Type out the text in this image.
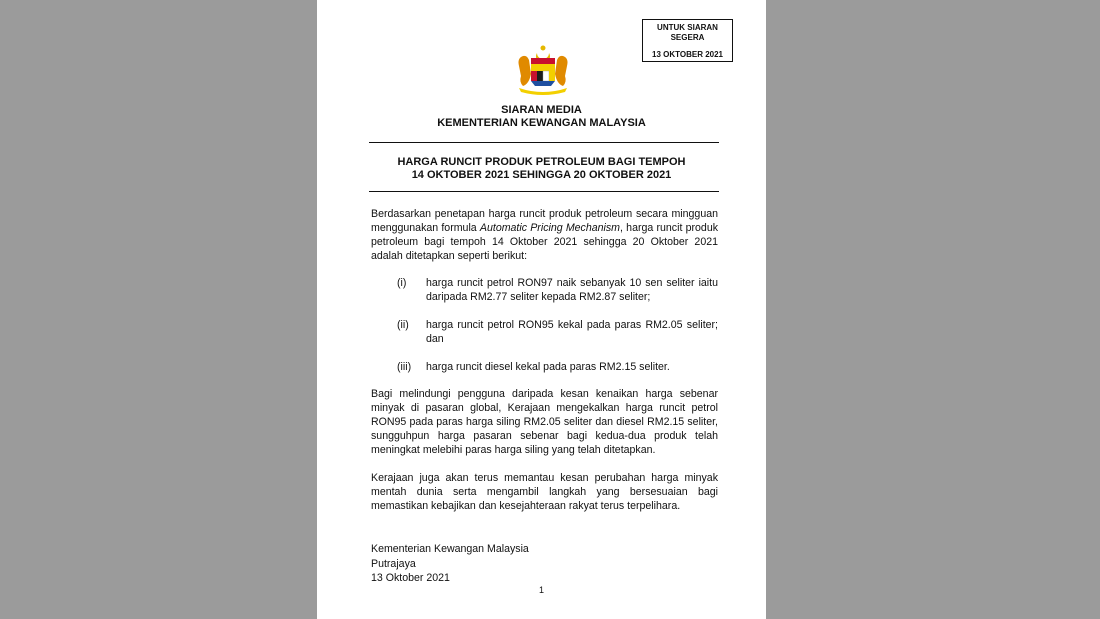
UNTUK SIARAN
SEGERA
13 OKTOBER 2021
SIARAN MEDIA
KEMENTERIAN KEWANGAN MALAYSIA
HARGA RUNCIT PRODUK PETROLEUM BAGI TEMPOH
14 OKTOBER 2021 SEHINGGA 20 OKTOBER 2021
Berdasarkan penetapan harga runcit produk petroleum secara mingguan menggunakan formula Automatic Pricing Mechanism, harga runcit produk petroleum bagi tempoh 14 Oktober 2021 sehingga 20 Oktober 2021 adalah ditetapkan seperti berikut:
(i) harga runcit petrol RON97 naik sebanyak 10 sen seliter iaitu daripada RM2.77 seliter kepada RM2.87 seliter;
(ii) harga runcit petrol RON95 kekal pada paras RM2.05 seliter; dan
(iii) harga runcit diesel kekal pada paras RM2.15 seliter.
Bagi melindungi pengguna daripada kesan kenaikan harga sebenar minyak di pasaran global, Kerajaan mengekalkan harga runcit petrol RON95 pada paras harga siling RM2.05 seliter dan diesel RM2.15 seliter, sungguhpun harga pasaran sebenar bagi kedua-dua produk telah meningkat melebihi paras harga siling yang telah ditetapkan.
Kerajaan juga akan terus memantau kesan perubahan harga minyak mentah dunia serta mengambil langkah yang bersesuaian bagi memastikan kebajikan dan kesejahteraan rakyat terus terpelihara.
Kementerian Kewangan Malaysia
Putrajaya
13 Oktober 2021
1
